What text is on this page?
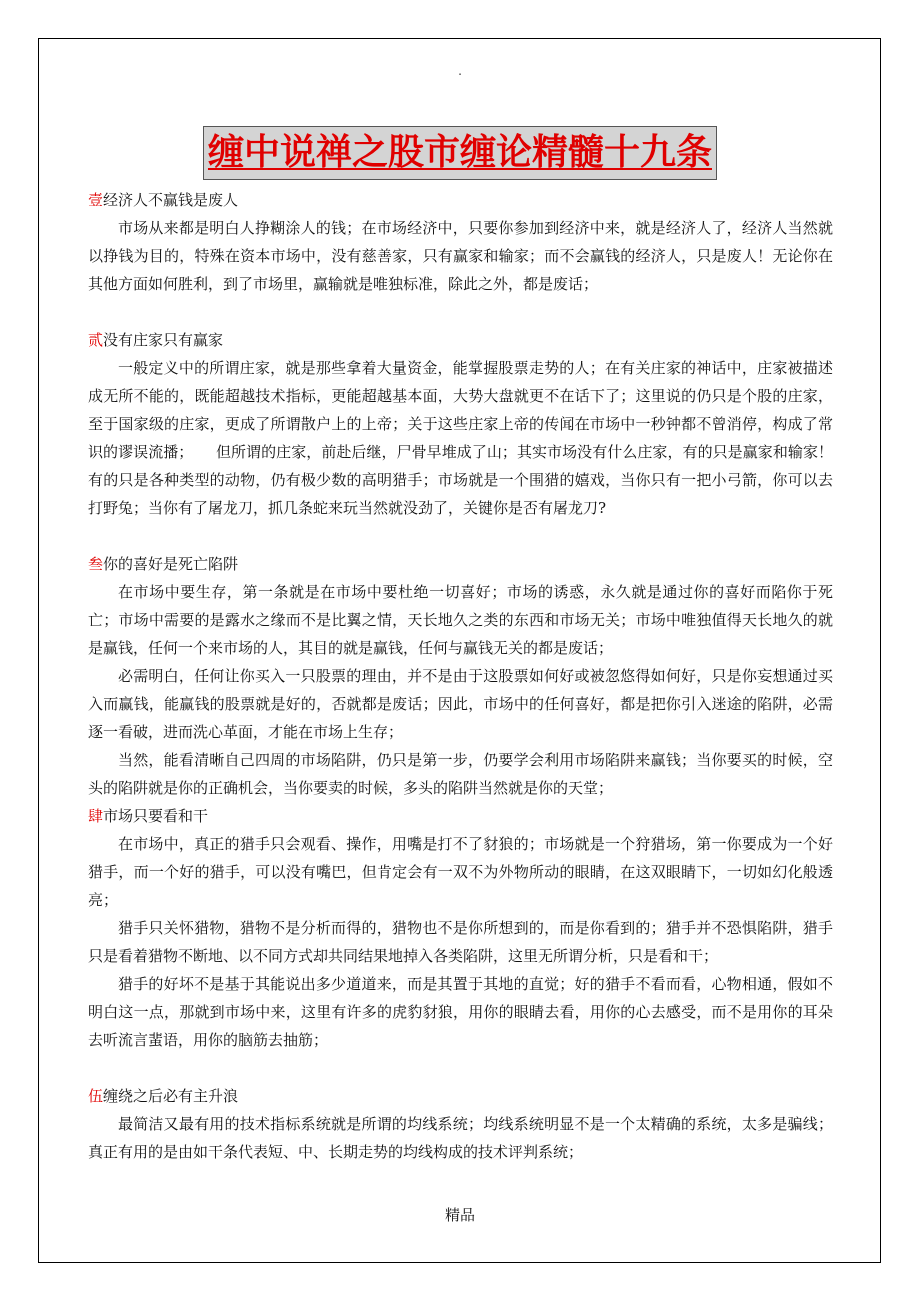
.
缠中说禅之股市缠论精髓十九条

壹经济人不赢钱是废人

市场从来都是明白人挣糊涂人的钱；在市场经济中，只要你参加到经济中来，就是经济人了，经济人当然就以挣钱为目的，特殊在资本市场中，没有慈善家，只有赢家和输家；而不会赢钱的经济人，只是废人！无论你在其他方面如何胜利，到了市场里，赢输就是唯独标准，除此之外，都是废话；

贰没有庄家只有赢家

一般定义中的所谓庄家，就是那些拿着大量资金，能掌握股票走势的人；在有关庄家的神话中，庄家被描述成无所不能的，既能超越技术指标，更能超越基本面，大势大盘就更不在话下了；这里说的仍只是个股的庄家，至于国家级的庄家，更成了所谓散户上的上帝；关于这些庄家上帝的传闻在市场中一秒钟都不曾消停，构成了常识的谬误流播；　　但所谓的庄家，前赴后继，尸骨早堆成了山；其实市场没有什么庄家，有的只是赢家和输家！有的只是各种类型的动物，仍有极少数的高明猎手；市场就是一个围猎的嬉戏，当你只有一把小弓箭，你可以去打野兔；当你有了屠龙刀，抓几条蛇来玩当然就没劲了，关键你是否有屠龙刀?

叁你的喜好是死亡陷阱

在市场中要生存，第一条就是在市场中要杜绝一切喜好；市场的诱惑，永久就是通过你的喜好而陷你于死亡；市场中需要的是露水之缘而不是比翼之情，天长地久之类的东西和市场无关；市场中唯独值得天长地久的就是赢钱，任何一个来市场的人，其目的就是赢钱，任何与赢钱无关的都是废话；

必需明白，任何让你买入一只股票的理由，并不是由于这股票如何好或被忽悠得如何好，只是你妄想通过买入而赢钱，能赢钱的股票就是好的，否就都是废话；因此，市场中的任何喜好，都是把你引入迷途的陷阱，必需逐一看破，进而洗心革面，才能在市场上生存；

当然，能看清晰自己四周的市场陷阱，仍只是第一步，仍要学会利用市场陷阱来赢钱；当你要买的时候，空头的陷阱就是你的正确机会，当你要卖的时候，多头的陷阱当然就是你的天堂；

肆市场只要看和干

在市场中，真正的猎手只会观看、操作，用嘴是打不了豺狼的；市场就是一个狩猎场，第一你要成为一个好猎手，而一个好的猎手，可以没有嘴巴，但肯定会有一双不为外物所动的眼睛，在这双眼睛下，一切如幻化般透亮；

猎手只关怀猎物，猎物不是分析而得的，猎物也不是你所想到的，而是你看到的；猎手并不恐惧陷阱，猎手只是看着猎物不断地、以不同方式却共同结果地掉入各类陷阱，这里无所谓分析，只是看和干；

猎手的好坏不是基于其能说出多少道道来，而是其置于其地的直觉；好的猎手不看而看，心物相通，假如不明白这一点，那就到市场中来，这里有许多的虎豹豺狼，用你的眼睛去看，用你的心去感受，而不是用你的耳朵去听流言蜚语，用你的脑筋去抽筋；

伍缠绕之后必有主升浪

最简洁又最有用的技术指标系统就是所谓的均线系统；均线系统明显不是一个太精确的系统，太多是骗线；真正有用的是由如干条代表短、中、长期走势的均线构成的技术评判系统；

精品
